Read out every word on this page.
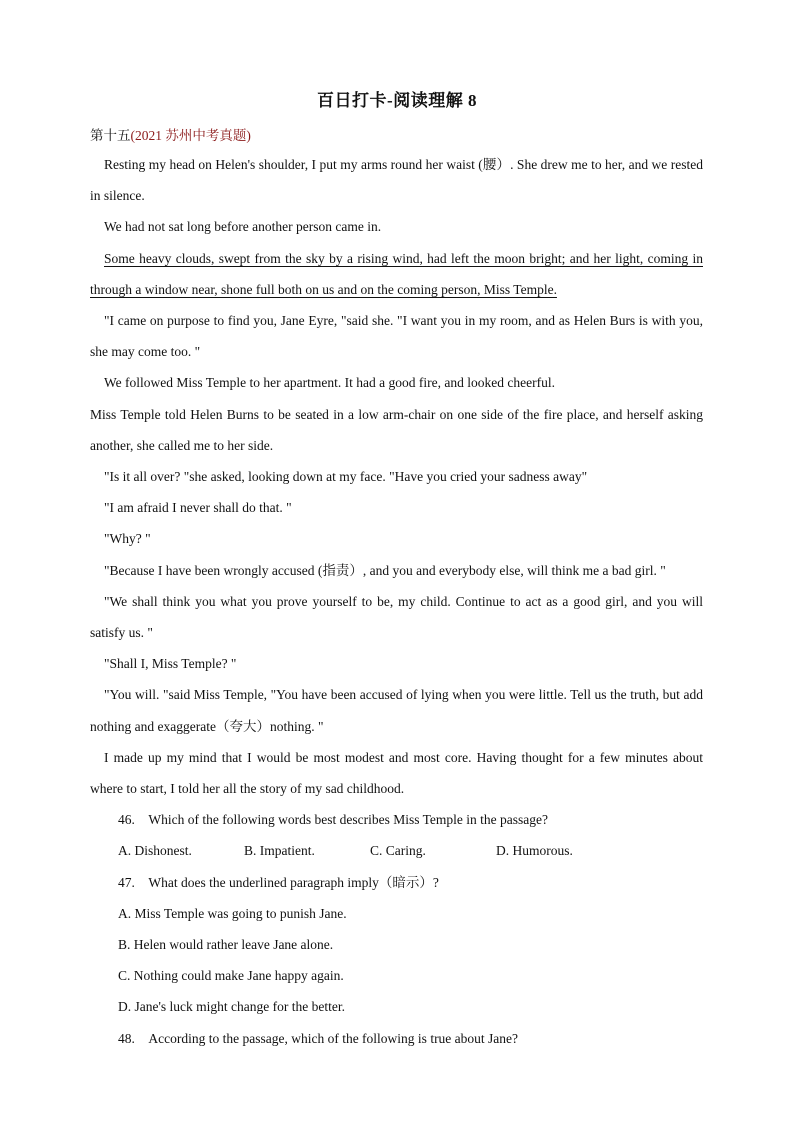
百日打卡-阅读理解 8
第十五(2021 苏州中考真题)

Resting my head on Helen's shoulder, I put my arms round her waist (腰）. She drew me to her, and we rested in silence.

We had not sat long before another person came in.

Some heavy clouds, swept from the sky by a rising wind, had left the moon bright; and her light, coming in through a window near, shone full both on us and on the coming person, Miss Temple.

"I came on purpose to find you, Jane Eyre, "said she. "I want you in my room, and as Helen Burs is with you, she may come too. "

We followed Miss Temple to her apartment. It had a good fire, and looked cheerful.

Miss Temple told Helen Burns to be seated in a low arm-chair on one side of the fire place, and herself asking another, she called me to her side.

"Is it all over? "she asked, looking down at my face. "Have you cried your sadness away"

"I am afraid I never shall do that. "

"Why? "

"Because I have been wrongly accused (指责）, and you and everybody else, will think me a bad girl. "

"We shall think you what you prove yourself to be, my child. Continue to act as a good girl, and you will satisfy us. "

"Shall I, Miss Temple? "

"You will. "said Miss Temple, "You have been accused of lying when you were little. Tell us the truth, but add nothing and exaggerate（夸大）nothing. "

I made up my mind that I would be most modest and most core. Having thought for a few minutes about where to start, I told her all the story of my sad childhood.

46. Which of the following words best describes Miss Temple in the passage?

A. Dishonest.	B. Impatient.	C. Caring.	D. Humorous.

47. What does the underlined paragraph imply（暗示）?

A. Miss Temple was going to punish Jane.

B. Helen would rather leave Jane alone.

C. Nothing could make Jane happy again.

D. Jane's luck might change for the better.

48. According to the passage, which of the following is true about Jane?
